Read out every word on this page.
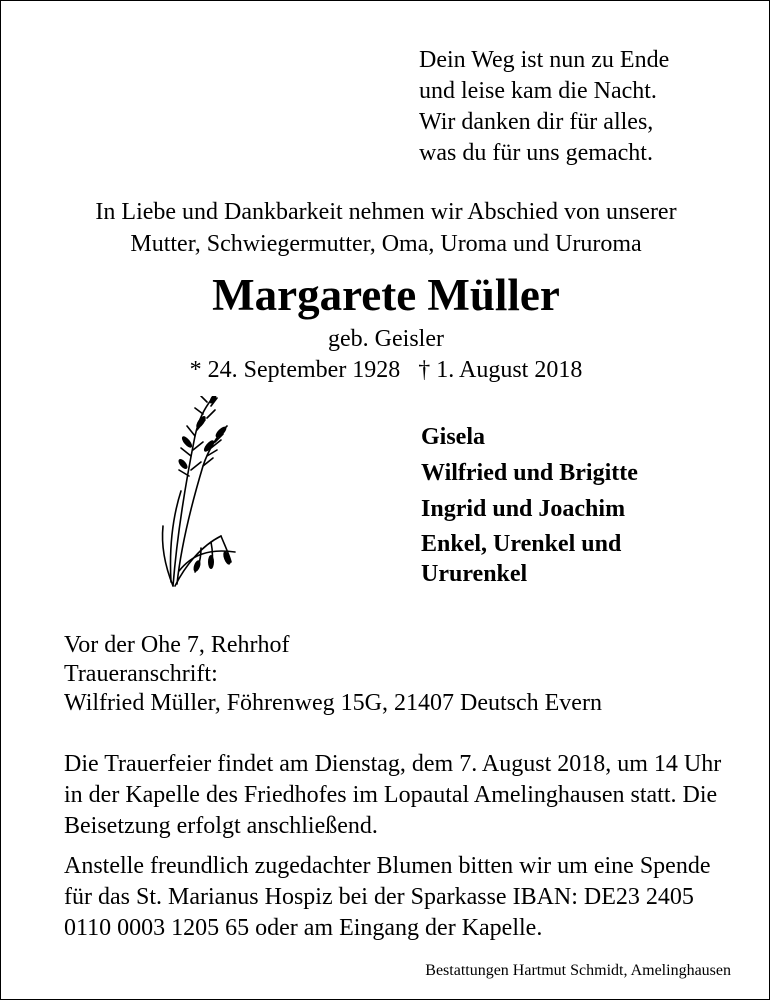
Dein Weg ist nun zu Ende
und leise kam die Nacht.
Wir danken dir für alles,
was du für uns gemacht.
In Liebe und Dankbarkeit nehmen wir Abschied von unserer
Mutter, Schwiegermutter, Oma, Uroma und Ururoma
Margarete Müller
geb. Geisler
* 24. September 1928   † 1. August 2018
Gisela
Wilfried und Brigitte
Ingrid und Joachim
Enkel, Urenkel und Ururenkel
Vor der Ohe 7, Rehrhof
Traueranschrift:
Wilfried Müller, Föhrenweg 15G, 21407 Deutsch Evern
Die Trauerfeier findet am Dienstag, dem 7. August 2018, um 14 Uhr in der Kapelle des Friedhofes im Lopautal Amelinghausen statt. Die Beisetzung erfolgt anschließend.
Anstelle freundlich zugedachter Blumen bitten wir um eine Spende für das St. Marianus Hospiz bei der Sparkasse IBAN: DE23 2405 0110 0003 1205 65 oder am Eingang der Kapelle.
Bestattungen Hartmut Schmidt, Amelinghausen
